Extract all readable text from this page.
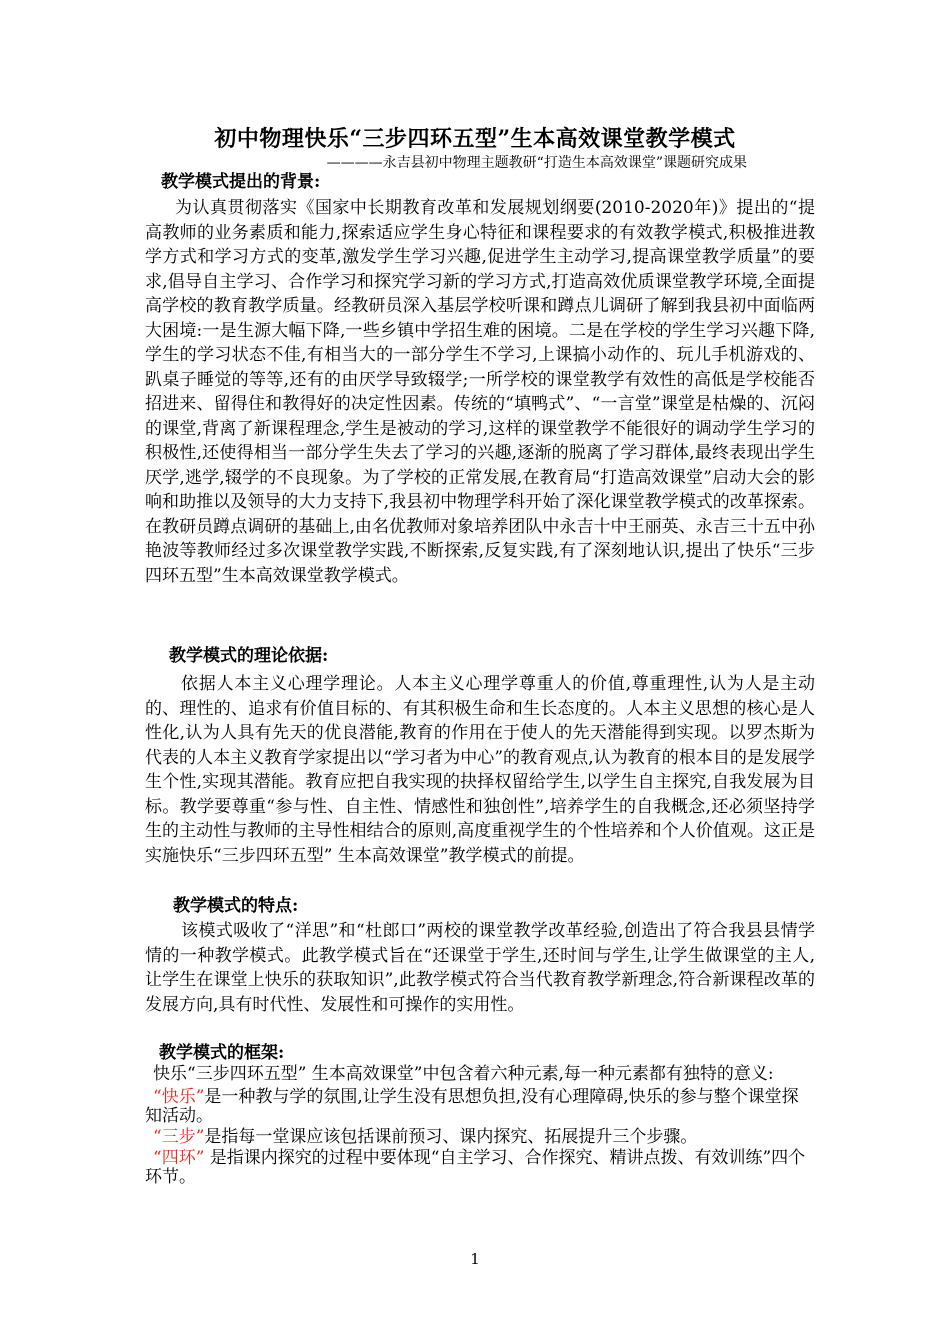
初中物理快乐“三步四环五型”生本高效课堂教学模式
————永吉县初中物理主题教研“打造生本高效课堂”课题研究成果
教学模式提出的背景:

为认真贯彻落实《国家中长期教育改革和发展规划纲要(2010-2020年)》提出的“提高教师的业务素质和能力,探索适应学生身心特征和课程要求的有效教学模式,积极推进教学方式和学习方式的变革,激发学生学习兴趣,促进学生主动学习,提高课堂教学质量”的要求,倡导自主学习、合作学习和探究学习新的学习方式,打造高效优质课堂教学环境,全面提高学校的教育教学质量。经教研员深入基层学校听课和蹲点儿调研了解到我县初中面临两大困境:一是生源大幅下降,一些乡镇中学招生难的困境。二是在学校的学生学习兴趣下降,学生的学习状态不佳,有相当大的一部分学生不学习,上课搞小动作的、玩儿手机游戏的、趴桌子睡觉的等等,还有的由厌学导致辍学;一所学校的课堂教学有效性的高低是学校能否招进来、留得住和教得好的决定性因素。传统的“填鸭式”、“一言堂”课堂是枯燥的、沉闷的课堂,背离了新课程理念,学生是被动的学习,这样的课堂教学不能很好的调动学生学习的积极性,还使得相当一部分学生失去了学习的兴趣,逐渐的脱离了学习群体,最终表现出学生厌学,逃学,辍学的不良现象。为了学校的正常发展,在教育局“打造高效课堂”启动大会的影响和助推以及领导的大力支持下,我县初中物理学科开始了深化课堂教学模式的改革探索。在教研员蹲点调研的基础上,由名优教师对象培养团队中永吉十中王丽英、永吉三十五中孙艳波等教师经过多次课堂教学实践,不断探索,反复实践,有了深刻地认识,提出了快乐“三步四环五型”生本高效课堂教学模式。

教学模式的理论依据:

依据人本主义心理学理论。人本主义心理学尊重人的价值,尊重理性,认为人是主动的、理性的、追求有价值目标的、有其积极生命和生长态度的。人本主义思想的核心是人性化,认为人具有先天的优良潜能,教育的作用在于使人的先天潜能得到实现。以罗杰斯为代表的人本主义教育学家提出以“学习者为中心”的教育观点,认为教育的根本目的是发展学生个性,实现其潜能。教育应把自我实现的抉择权留给学生,以学生自主探究,自我发展为目标。教学要尊重“参与性、自主性、情感性和独创性”,培养学生的自我概念,还必须坚持学生的主动性与教师的主导性相结合的原则,高度重视学生的个性培养和个人价值观。这正是实施快乐“三步四环五型” 生本高效课堂”教学模式的前提。

教学模式的特点:

该模式吸收了“洋思”和“杜郎口”两校的课堂教学改革经验,创造出了符合我县县情学情的一种教学模式。此教学模式旨在“还课堂于学生,还时间与学生,让学生做课堂的主人,让学生在课堂上快乐的获取知识”,此教学模式符合当代教育教学新理念,符合新课程改革的发展方向,具有时代性、发展性和可操作的实用性。

教学模式的框架:

快乐“三步四环五型” 生本高效课堂”中包含着六种元素,每一种元素都有独特的意义:

“快乐”是一种教与学的氛围,让学生没有思想负担,没有心理障碍,快乐的参与整个课堂探知活动。

“三步”是指每一堂课应该包括课前预习、课内探究、拓展提升三个步骤。

“四环” 是指课内探究的过程中要体现“自主学习、合作探究、精讲点拨、有效训练”四个环节。

1
